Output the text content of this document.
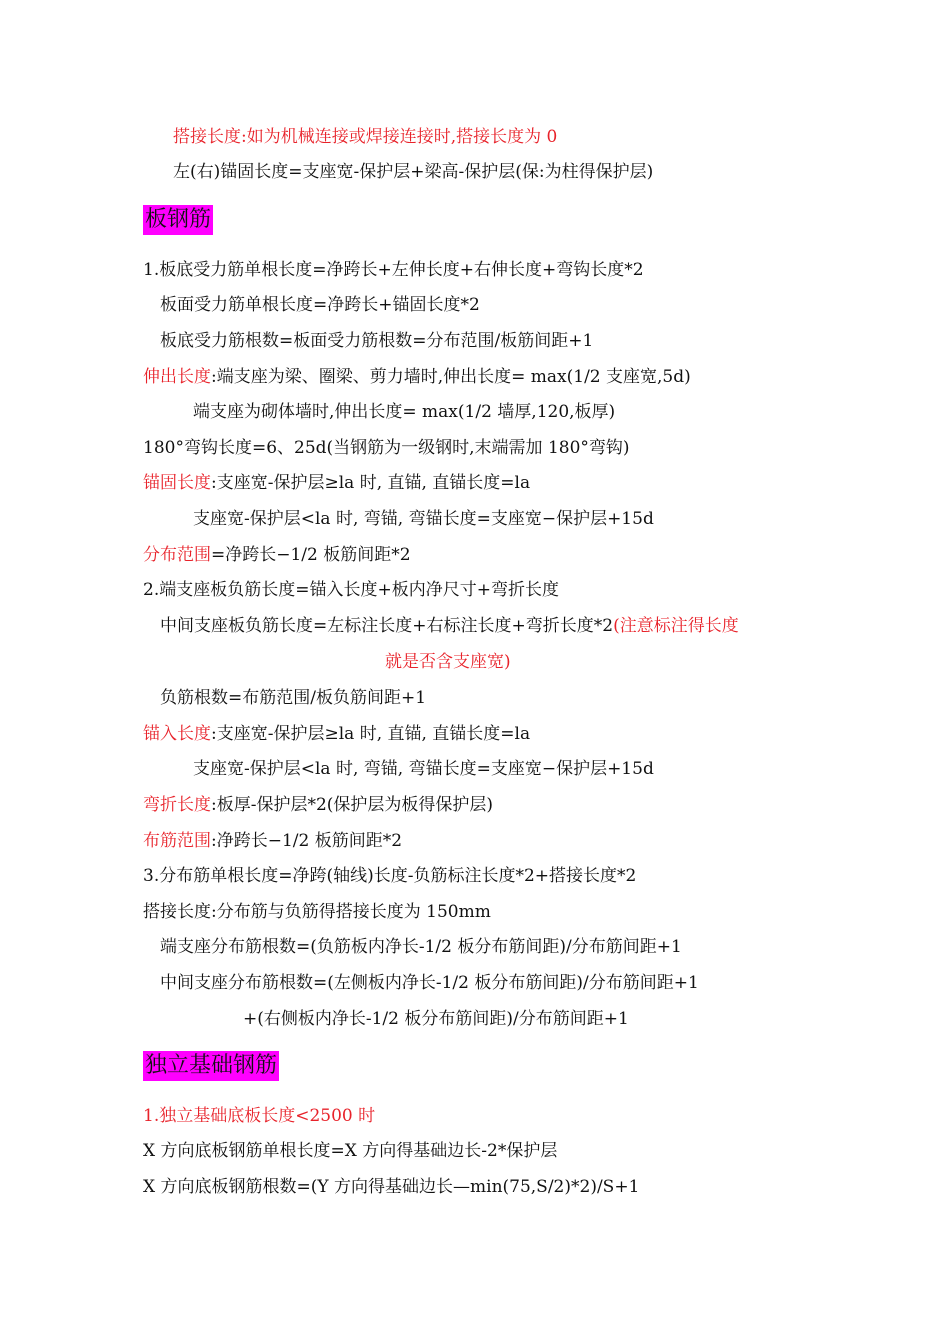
搭接长度:如为机械连接或焊接连接时,搭接长度为 0
左(右)锚固长度=支座宽-保护层+梁高-保护层(保:为柱得保护层)
板钢筋
1.板底受力筋单根长度=净跨长+左伸长度+右伸长度+弯钩长度*2
板面受力筋单根长度=净跨长+锚固长度*2
板底受力筋根数=板面受力筋根数=分布范围/板筋间距+1
伸出长度:端支座为梁、圈梁、剪力墙时,伸出长度= max(1/2 支座宽,5d)
端支座为砌体墙时,伸出长度= max(1/2 墙厚,120,板厚)
180°弯钩长度=6、25d(当钢筋为一级钢时,末端需加 180°弯钩)
锚固长度:支座宽-保护层≥la 时, 直锚, 直锚长度=la
支座宽-保护层<la 时, 弯锚, 弯锚长度=支座宽−保护层+15d
分布范围=净跨长−1/2 板筋间距*2
2.端支座板负筋长度=锚入长度+板内净尺寸+弯折长度
中间支座板负筋长度=左标注长度+右标注长度+弯折长度*2(注意标注得长度
就是否含支座宽)
负筋根数=布筋范围/板负筋间距+1
锚入长度:支座宽-保护层≥la 时, 直锚, 直锚长度=la
支座宽-保护层<la 时, 弯锚, 弯锚长度=支座宽−保护层+15d
弯折长度:板厚-保护层*2(保护层为板得保护层)
布筋范围:净跨长−1/2 板筋间距*2
3.分布筋单根长度=净跨(轴线)长度-负筋标注长度*2+搭接长度*2
搭接长度:分布筋与负筋得搭接长度为 150mm
端支座分布筋根数=(负筋板内净长-1/2 板分布筋间距)/分布筋间距+1
中间支座分布筋根数=(左侧板内净长-1/2 板分布筋间距)/分布筋间距+1
+(右侧板内净长-1/2 板分布筋间距)/分布筋间距+1
独立基础钢筋
1.独立基础底板长度<2500 时
X 方向底板钢筋单根长度=X 方向得基础边长-2*保护层
X 方向底板钢筋根数=(Y 方向得基础边长—min(75,S/2)*2)/S+1
